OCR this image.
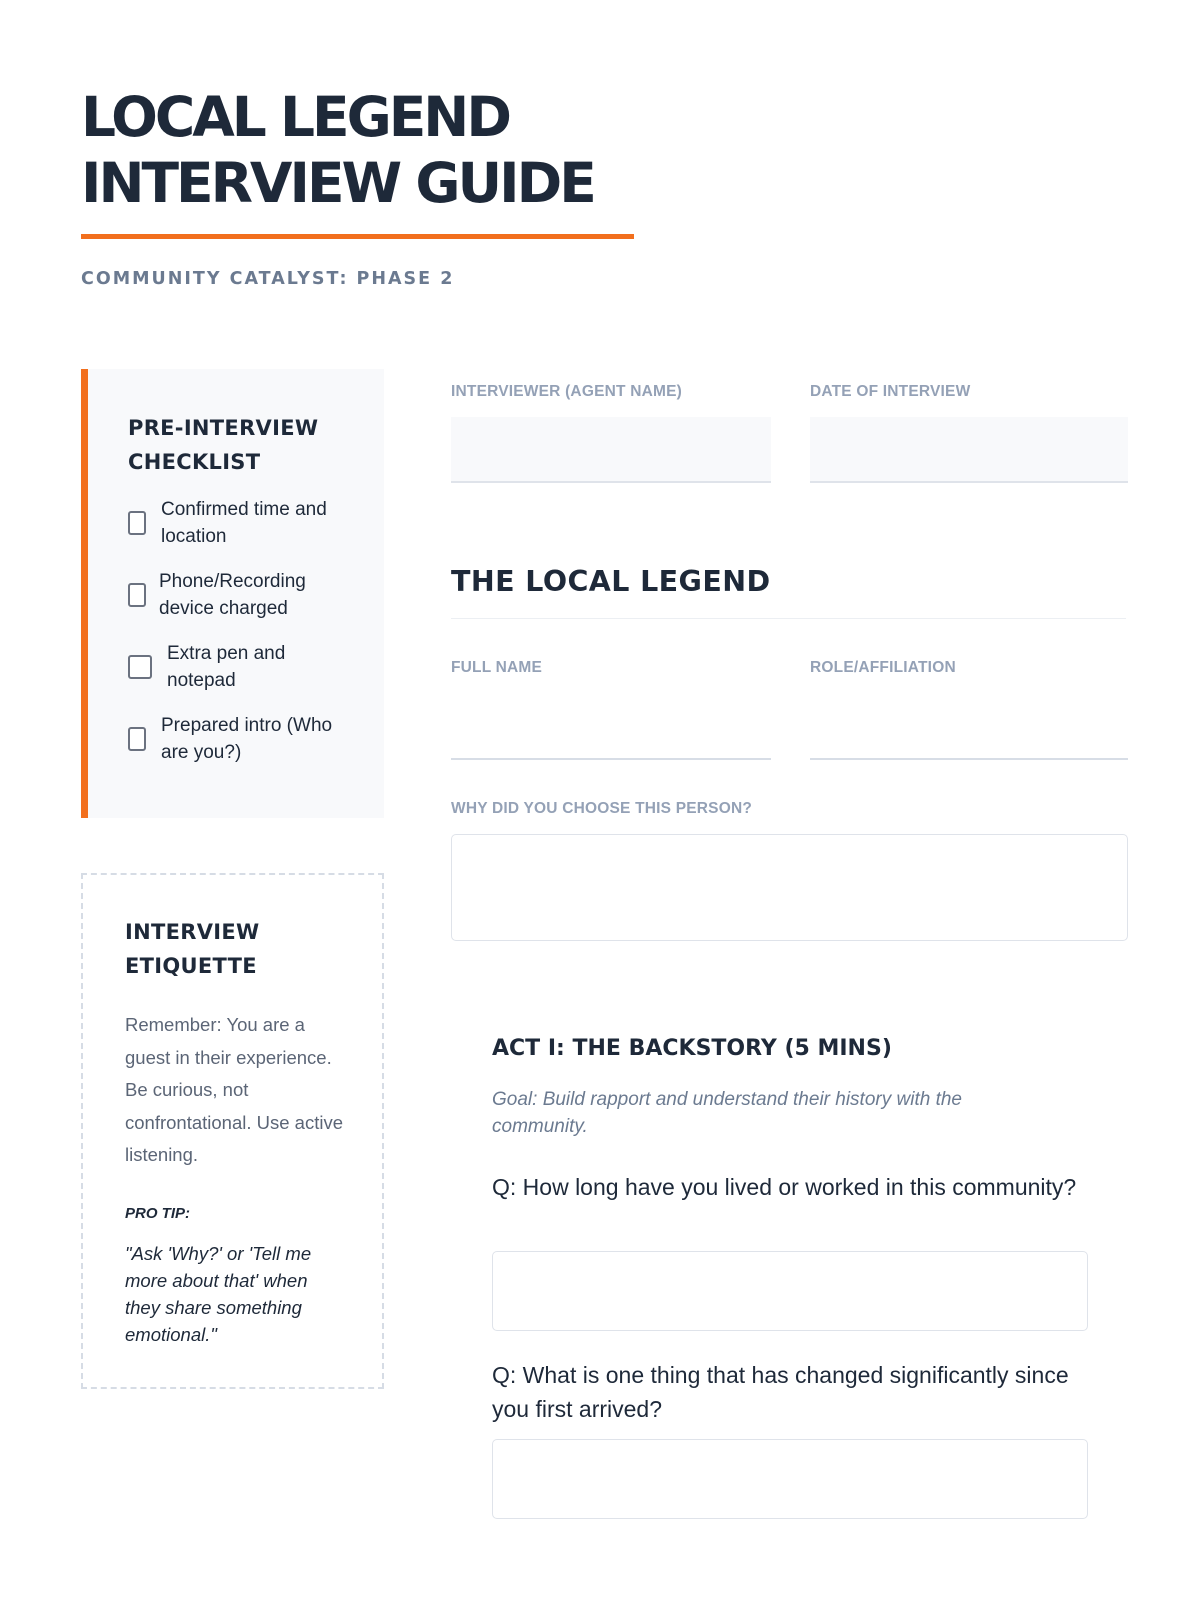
LOCAL LEGEND
INTERVIEW GUIDE
COMMUNITY CATALYST: PHASE 2
PRE-INTERVIEW CHECKLIST
Confirmed time and location
Phone/Recording device charged
Extra pen and notepad
Prepared intro (Who are you?)
INTERVIEW ETIQUETTE
Remember: You are a guest in their experience. Be curious, not confrontational. Use active listening.
PRO TIP:
"Ask 'Why?' or 'Tell me more about that' when they share something emotional."
INTERVIEWER (AGENT NAME)	DATE OF INTERVIEW
THE LOCAL LEGEND
FULL NAME	ROLE/AFFILIATION
WHY DID YOU CHOOSE THIS PERSON?
ACT I: THE BACKSTORY (5 MINS)
Goal: Build rapport and understand their history with the community.
Q: How long have you lived or worked in this community?
Q: What is one thing that has changed significantly since you first arrived?
